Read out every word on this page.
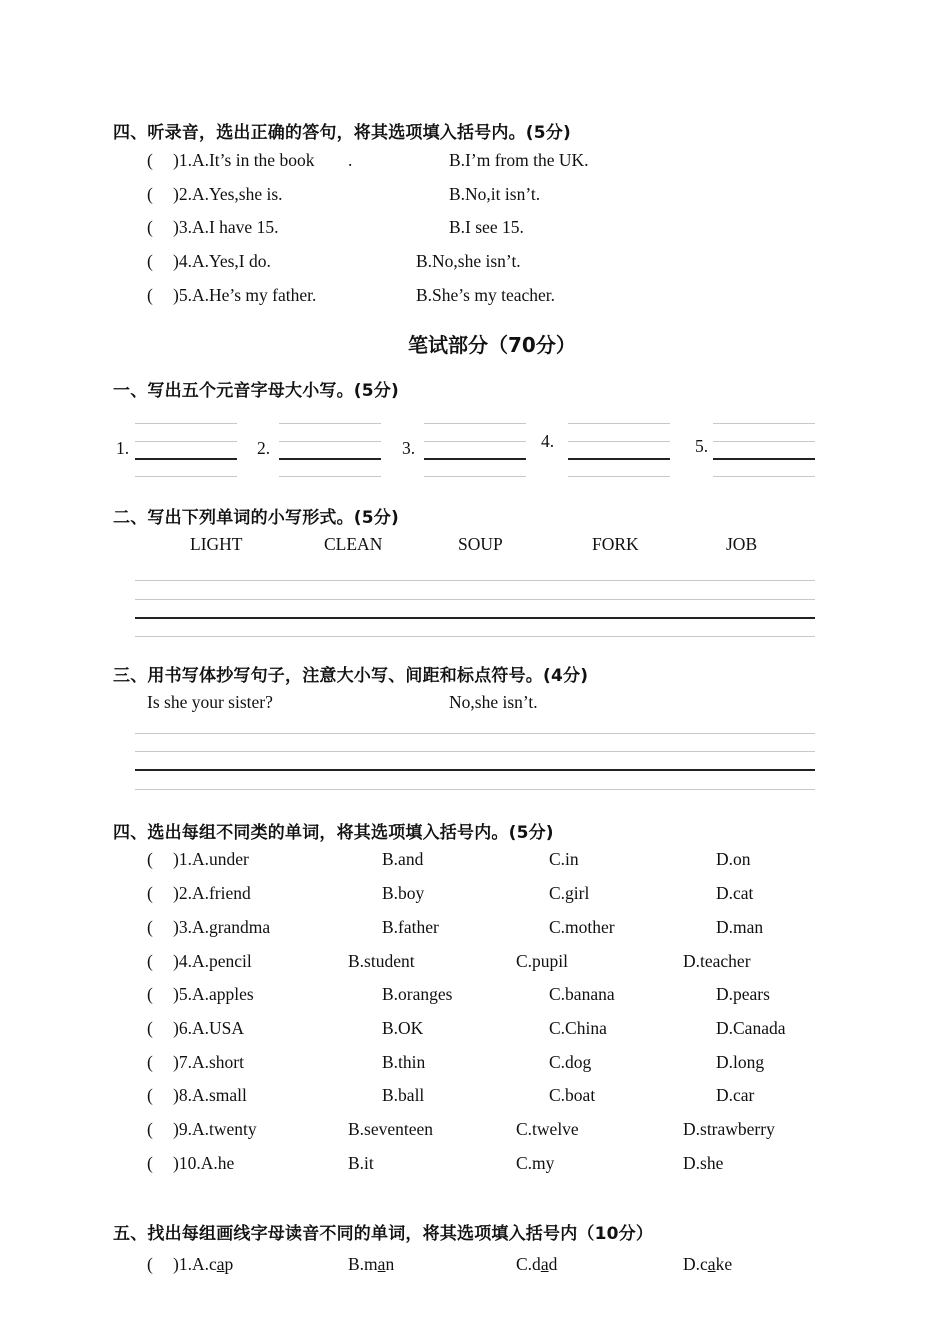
四、听录音，选出正确的答句，将其选项填入括号内。(5分)
( )1.A.It’s in the book .	B.I’m from the UK.
( )2.A.Yes,she is.	B.No,it isn’t.
( )3.A.I have 15.	B.I see 15.
( )4.A.Yes,I do.	B.No,she isn’t.
( )5.A.He’s my father.	B.She’s my teacher.
笔试部分（70分）
一、写出五个元音字母大小写。(5分)
1.	2.	3.	4.	5.
二、写出下列单词的小写形式。(5分)
LIGHT	CLEAN	SOUP	FORK	JOB
三、用书写体抄写句子，注意大小写、间距和标点符号。(4分)
Is she your sister?	No,she isn’t.
四、选出每组不同类的单词，将其选项填入括号内。(5分)
( )1.A.under	B.and	C.in	D.on
( )2.A.friend	B.boy	C.girl	D.cat
( )3.A.grandma	B.father	C.mother	D.man
( )4.A.pencil	B.student	C.pupil	D.teacher
( )5.A.apples	B.oranges	C.banana	D.pears
( )6.A.USA	B.OK	C.China	D.Canada
( )7.A.short	B.thin	C.dog	D.long
( )8.A.small	B.ball	C.boat	D.car
( )9.A.twenty	B.seventeen	C.twelve	D.strawberry
( )10.A.he	B.it	C.my	D.she
五、找出每组画线字母读音不同的单词，将其选项填入括号内（10分）
( )1.A.cap	B.man	C.dad	D.cake
